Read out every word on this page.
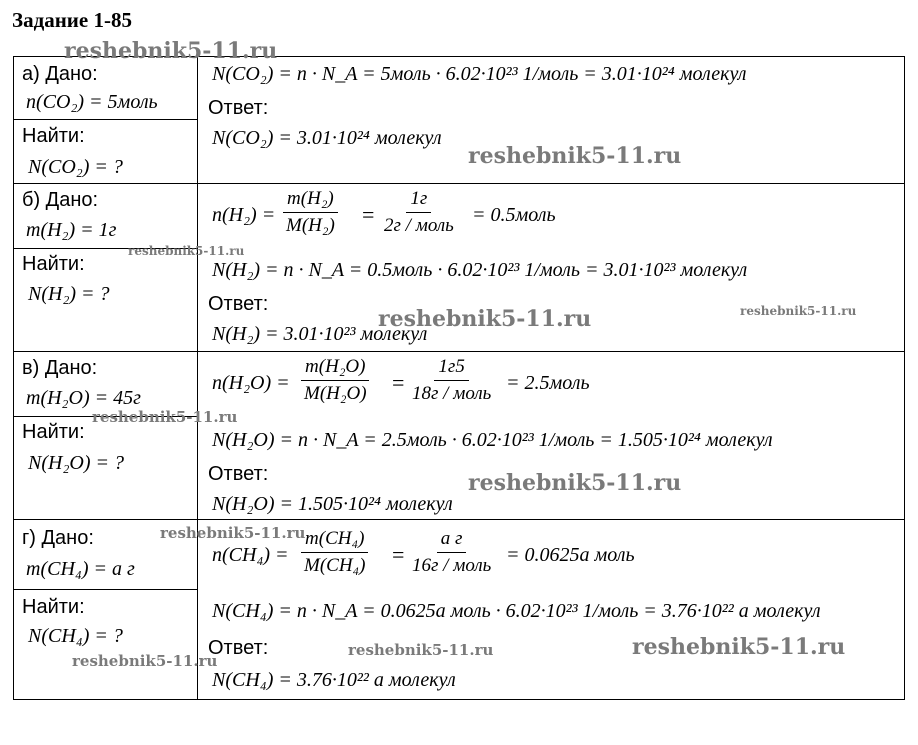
Задание 1-85
а) Дано:
n(CO₂) = 5моль
Найти:
N(CO₂) = ?
N(CO₂) = n · N_A = 5моль · 6.02·10²³ 1/моль = 3.01·10²⁴ молекул
Ответ:
N(CO₂) = 3.01·10²⁴ молекул
б) Дано:
m(H₂) = 1г
Найти:
N(H₂) = ?
$n(H_2) = \frac{\text{m(H₂)}}{\text{M(H₂)}}$ =
1г
2г / моль = 0.5моль
N(H₂) = n · N_A = 0.5моль · 6.02·10²³ 1/моль = 3.01·10²³ молекул
Ответ:
N(H₂) = 3.01·10²³ молекул
в) Дано:
m(H₂O) = 45г
Найти:
N(H₂O) = ?
$n(H_2O) = \frac{\text{m(H₂O)}}{\text{M(H₂O)}}$ =
1г5
18г / моль = 2.5моль
N(H₂O) = n · N_A = 2.5моль · 6.02·10²³ 1/моль = 1.505·10²⁴ молекул
Ответ:
N(H₂O) = 1.505·10²⁴ молекул
г) Дано:
m(CH₄) = a г
Найти:
N(CH₄) = ?
$n(CH_4) = \frac{\text{m(CH₄)}}{\text{M(CH₄)}}$ =
a г
16г / моль = 0.0625a моль
N(CH₄) = n · N_A = 0.0625a моль · 6.02·10²³ 1/моль = 3.76·10²² a молекул
Ответ:
N(CH₄) = 3.76·10²² a молекул
reshebnik5-11.ru
reshebnik5-11.ru
reshebnik5-11.ru
reshebnik5-11.ru	reshebnik5-11.ru
reshebnik5-11.ru
reshebnik5-11.ru
reshebnik5-11.ru
reshebnik5-11.ru
reshebnik5-11.ru
reshebnik5-11.ru
